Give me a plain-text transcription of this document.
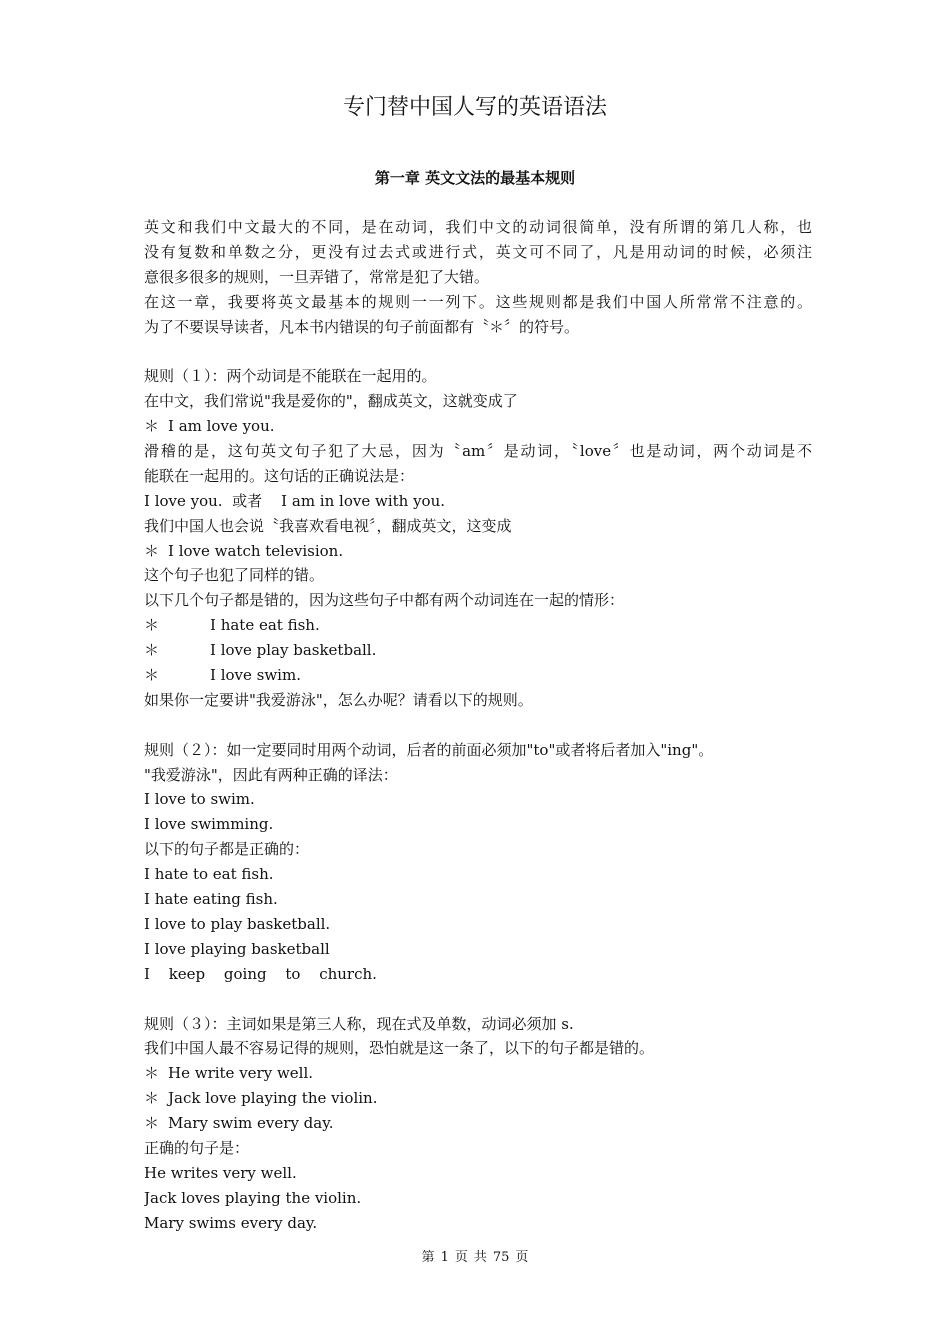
专门替中国人写的英语语法
第一章 英文文法的最基本规则
英文和我们中文最大的不同，是在动词，我们中文的动词很简单，没有所谓的第几人称，也
没有复数和单数之分，更没有过去式或进行式，英文可不同了，凡是用动词的时候，必须注
意很多很多的规则，一旦弄错了，常常是犯了大错。
在这一章，我要将英文最基本的规则一一列下。这些规则都是我们中国人所常常不注意的。
为了不要误导读者，凡本书内错误的句子前面都有〝＊〞的符号。
规则（１）：两个动词是不能联在一起用的。
在中文，我们常说"我是爱你的"，翻成英文，这就变成了
＊ I am love you.
滑稽的是，这句英文句子犯了大忌，因为〝am〞是动词，〝love〞也是动词，两个动词是不
能联在一起用的。这句话的正确说法是：
I love you.  或者    I am in love with you.
我们中国人也会说〝我喜欢看电视〞，翻成英文，这变成
＊ I love watch television.
这个句子也犯了同样的错。
以下几个句子都是错的，因为这些句子中都有两个动词连在一起的情形：
＊	I hate eat fish.
＊	I love play basketball.
＊	I love swim.
如果你一定要讲"我爱游泳"，怎么办呢？请看以下的规则。
规则（２）：如一定要同时用两个动词，后者的前面必须加"to"或者将后者加入"ing"。
"我爱游泳"，因此有两种正确的译法：
I love to swim.
I love swimming.
以下的句子都是正确的：
I hate to eat fish.
I hate eating fish.
I love to play basketball.
I love playing basketball
I keep going to church.
规则（３）：主词如果是第三人称，现在式及单数，动词必须加 s.
我们中国人最不容易记得的规则，恐怕就是这一条了，以下的句子都是错的。
＊ He write very well.
＊ Jack love playing the violin.
＊ Mary swim every day.
正确的句子是：
He writes very well.
Jack loves playing the violin.
Mary swims every day.
第 1 页 共 75 页
